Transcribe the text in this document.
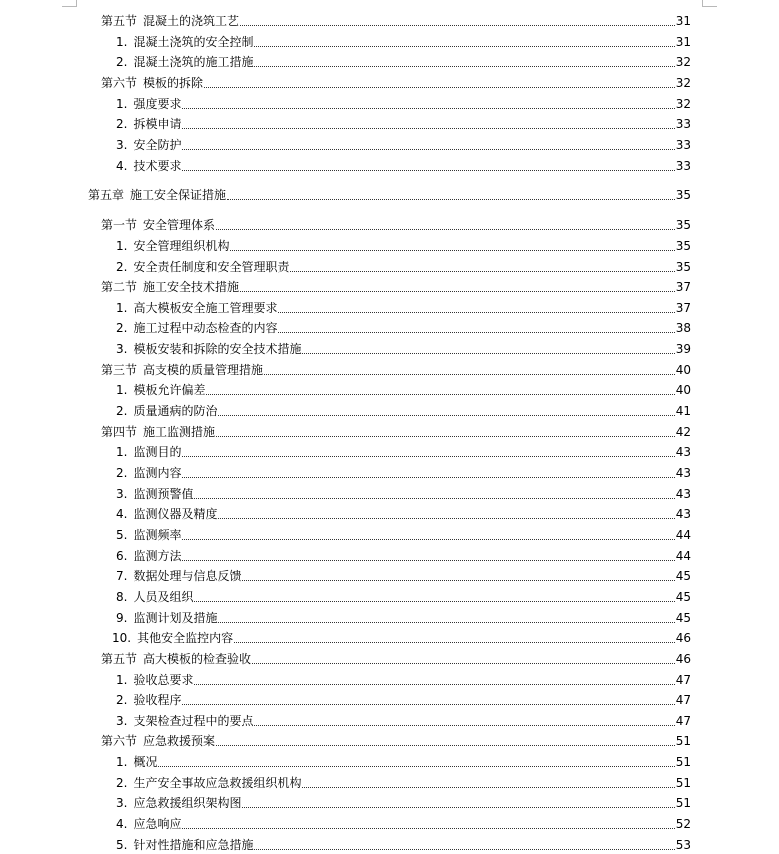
第五节 混凝土的浇筑工艺	31
1. 混凝土浇筑的安全控制	31
2. 混凝土浇筑的施工措施	32
第六节 模板的拆除	32
1. 强度要求	32
2. 拆模申请	33
3. 安全防护	33
4. 技术要求	33
第五章 施工安全保证措施	35
第一节 安全管理体系	35
1. 安全管理组织机构	35
2. 安全责任制度和安全管理职责	35
第二节 施工安全技术措施	37
1. 高大模板安全施工管理要求	37
2. 施工过程中动态检查的内容	38
3. 模板安装和拆除的安全技术措施	39
第三节 高支模的质量管理措施	40
1. 模板允许偏差	40
2. 质量通病的防治	41
第四节 施工监测措施	42
1. 监测目的	43
2. 监测内容	43
3. 监测预警值	43
4. 监测仪器及精度	43
5. 监测频率	44
6. 监测方法	44
7. 数据处理与信息反馈	45
8. 人员及组织	45
9. 监测计划及措施	45
10. 其他安全监控内容	46
第五节 高大模板的检查验收	46
1. 验收总要求	47
2. 验收程序	47
3. 支架检查过程中的要点	47
第六节 应急救援预案	51
1. 概况	51
2. 生产安全事故应急救援组织机构	51
3. 应急救援组织架构图	51
4. 应急响应	52
5. 针对性措施和应急措施	53
